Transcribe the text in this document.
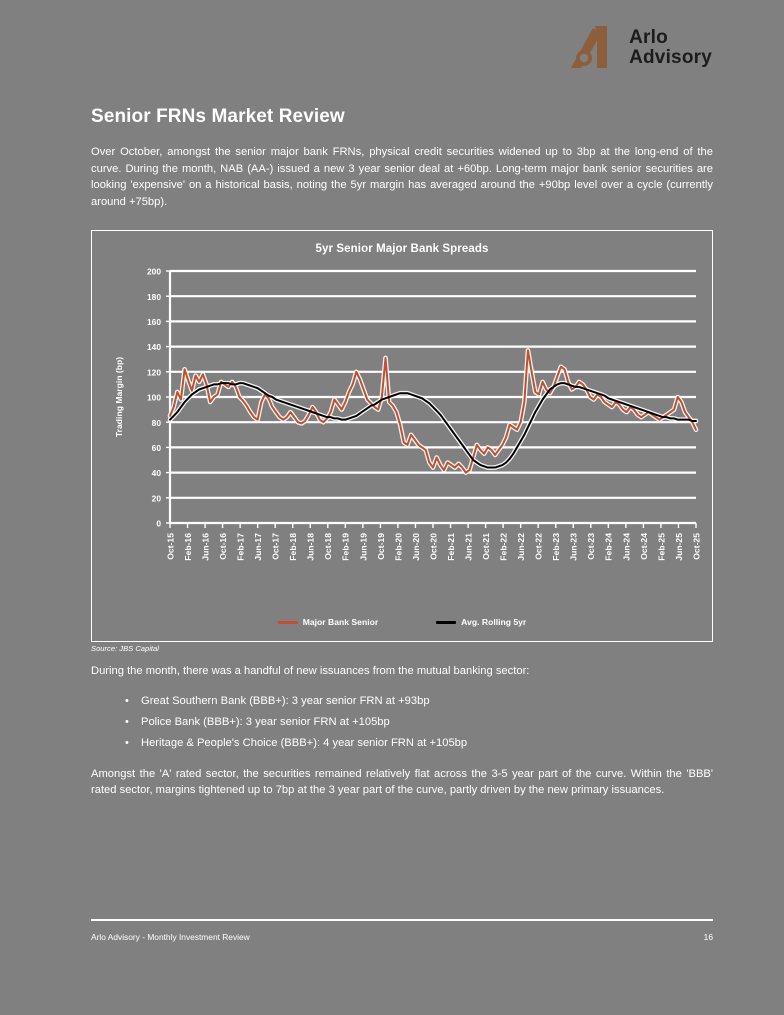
Arlo
Advisory
Senior FRNs Market Review

Over October, amongst the senior major bank FRNs, physical credit securities widened up to 3bp at the long-end of the curve. During the month, NAB (AA-) issued a new 3 year senior deal at +60bp. Long-term major bank senior securities are looking 'expensive' on a historical basis, noting the 5yr margin has averaged around the +90bp level over a cycle (currently around +75bp).

5yr Senior Major Bank Spreads
0
20
40
60
80
100
120
140
160
180
200
Oct-15 Feb-16 Jun-16 Oct-16 Feb-17 Jun-17 Oct-17 Feb-18 Jun-18 Oct-18 Feb-19 Jun-19 Oct-19 Feb-20 Jun-20 Oct-20 Feb-21 Jun-21 Oct-21 Feb-22 Jun-22 Oct-22 Feb-23 Jun-23 Oct-23 Feb-24 Jun-24 Oct-24 Feb-25 Jun-25 Oct-25
Trading Margin (bp)
Major Bank Senior	Avg. Rolling 5yr
Source: JBS Capital

During the month, there was a handful of new issuances from the mutual banking sector:

• Great Southern Bank (BBB+): 3 year senior FRN at +93bp
• Police Bank (BBB+): 3 year senior FRN at +105bp
• Heritage & People's Choice (BBB+): 4 year senior FRN at +105bp

Amongst the 'A' rated sector, the securities remained relatively flat across the 3-5 year part of the curve. Within the 'BBB' rated sector, margins tightened up to 7bp at the 3 year part of the curve, partly driven by the new primary issuances.

Arlo Advisory - Monthly Investment Review	16
